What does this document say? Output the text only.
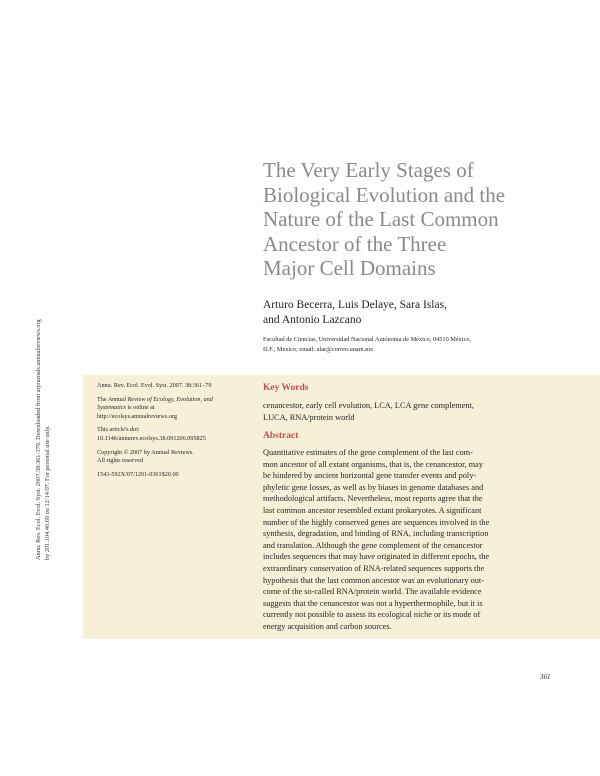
Annu. Rev. Ecol. Evol. Syst. 2007.38:361-379. Downloaded from arjournals.annualreviews.org by 201.104.40.69 on 12/14/07. For personal use only.
The Very Early Stages of
Biological Evolution and the
Nature of the Last Common
Ancestor of the Three
Major Cell Domains
Arturo Becerra, Luis Delaye, Sara Islas,
and Antonio Lazcano
Facultad de Ciencias, Universidad Nacional Autónoma de México, 04510 México,
D.F., Mexico; email: alar@correo.unam.mx
Annu. Rev. Ecol. Evol. Syst. 2007. 38:361–79
The Annual Review of Ecology, Evolution, and
Systematics is online at
http://ecolsys.annualreviews.org
This article's doi:
10.1146/annurev.ecolsys.38.091206.095825
Copyright © 2007 by Annual Reviews.
All rights reserved
1543-592X/07/1201-0361$20.00
Key Words
cenancestor, early cell evolution, LCA, LCA gene complement,
LUCA, RNA/protein world
Abstract
Quantitative estimates of the gene complement of the last com-
mon ancestor of all extant organisms, that is, the cenancestor, may
be hindered by ancient horizontal gene transfer events and poly-
phyletic gene losses, as well as by biases in genome databases and
methodological artifacts. Nevertheless, most reports agree that the
last common ancestor resembled extant prokaryotes. A significant
number of the highly conserved genes are sequences involved in the
synthesis, degradation, and binding of RNA, including transcription
and translation. Although the gene complement of the cenancestor
includes sequences that may have originated in different epochs, the
extraordinary conservation of RNA-related sequences supports the
hypothesis that the last common ancestor was an evolutionary out-
come of the so-called RNA/protein world. The available evidence
suggests that the cenancestor was not a hyperthermophile, but it is
currently not possible to assess its ecological niche or its mode of
energy acquisition and carbon sources.
361
